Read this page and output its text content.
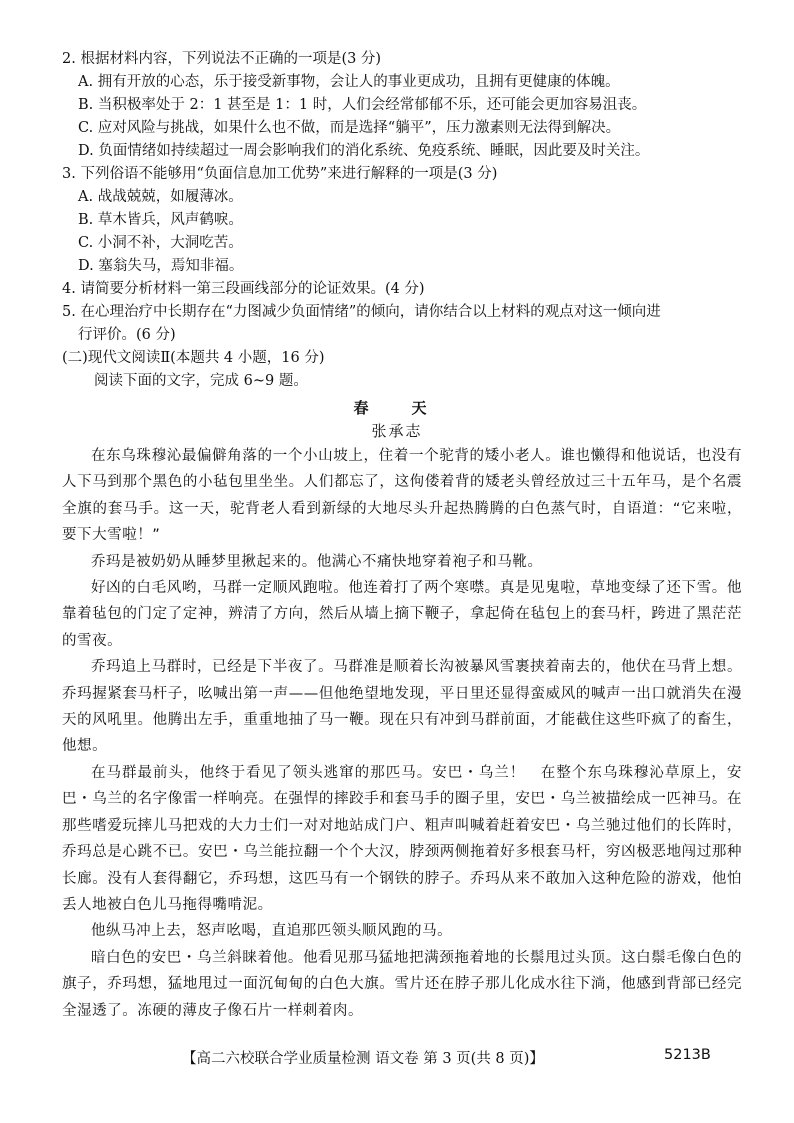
2. 根据材料内容，下列说法不正确的一项是(3 分)
A. 拥有开放的心态，乐于接受新事物，会让人的事业更成功，且拥有更健康的体魄。
B. 当积极率处于 2：1 甚至是 1：1 时，人们会经常郁郁不乐，还可能会更加容易沮丧。
C. 应对风险与挑战，如果什么也不做，而是选择“躺平”，压力激素则无法得到解决。
D. 负面情绪如持续超过一周会影响我们的消化系统、免疫系统、睡眠，因此要及时关注。
3. 下列俗语不能够用“负面信息加工优势”来进行解释的一项是(3 分)
A. 战战兢兢，如履薄冰。
B. 草木皆兵，风声鹤唳。
C. 小洞不补，大洞吃苦。
D. 塞翁失马，焉知非福。
4. 请简要分析材料一第三段画线部分的论证效果。(4 分)
5. 在心理治疗中长期存在“力图减少负面情绪”的倾向，请你结合以上材料的观点对这一倾向进
行评价。(6 分)
(二)现代文阅读Ⅱ(本题共 4 小题，16 分)
阅读下面的文字，完成 6~9 题。
春　天
张承志

在东乌珠穆沁最偏僻角落的一个小山坡上，住着一个驼背的矮小老人。谁也懒得和他说话，也没有人下马到那个黑色的小毡包里坐坐。人们都忘了，这佝偻着背的矮老头曾经放过三十五年马，是个名震全旗的套马手。这一天，驼背老人看到新绿的大地尽头升起热腾腾的白色蒸气时，自语道：“它来啦，要下大雪啦！”

乔玛是被奶奶从睡梦里揪起来的。他满心不痛快地穿着袍子和马靴。

好凶的白毛风哟，马群一定顺风跑啦。他连着打了两个寒噤。真是见鬼啦，草地变绿了还下雪。他靠着毡包的门定了定神，辨清了方向，然后从墙上摘下鞭子，拿起倚在毡包上的套马杆，跨进了黑茫茫的雪夜。

乔玛追上马群时，已经是下半夜了。马群准是顺着长沟被暴风雪裹挟着南去的，他伏在马背上想。乔玛握紧套马杆子，吆喊出第一声——但他绝望地发现，平日里还显得蛮威风的喊声一出口就消失在漫天的风吼里。他腾出左手，重重地抽了马一鞭。现在只有冲到马群前面，才能截住这些吓疯了的畜生，他想。

在马群最前头，他终于看见了领头逃窜的那匹马。安巴・乌兰！　在整个东乌珠穆沁草原上，安巴・乌兰的名字像雷一样响亮。在强悍的摔跤手和套马手的圈子里，安巴・乌兰被描绘成一匹神马。在那些嗜爱玩摔儿马把戏的大力士们一对对地站成门户、粗声叫喊着赶着安巴・乌兰驰过他们的长阵时，乔玛总是心跳不已。安巴・乌兰能拉翻一个个大汉，脖颈两侧拖着好多根套马杆，穷凶极恶地闯过那种长廊。没有人套得翻它，乔玛想，这匹马有一个钢铁的脖子。乔玛从来不敢加入这种危险的游戏，他怕丢人地被白色儿马拖得嘴啃泥。

他纵马冲上去，怒声吆喝，直追那匹领头顺风跑的马。

暗白色的安巴・乌兰斜睐着他。他看见那马猛地把满颈拖着地的长鬃甩过头顶。这白鬃毛像白色的旗子，乔玛想，猛地甩过一面沉甸甸的白色大旗。雪片还在脖子那儿化成水往下淌，他感到背部已经完全湿透了。冻硬的薄皮子像石片一样刺着肉。

【高二六校联合学业质量检测 语文卷 第 3 页(共 8 页)】	5213B
